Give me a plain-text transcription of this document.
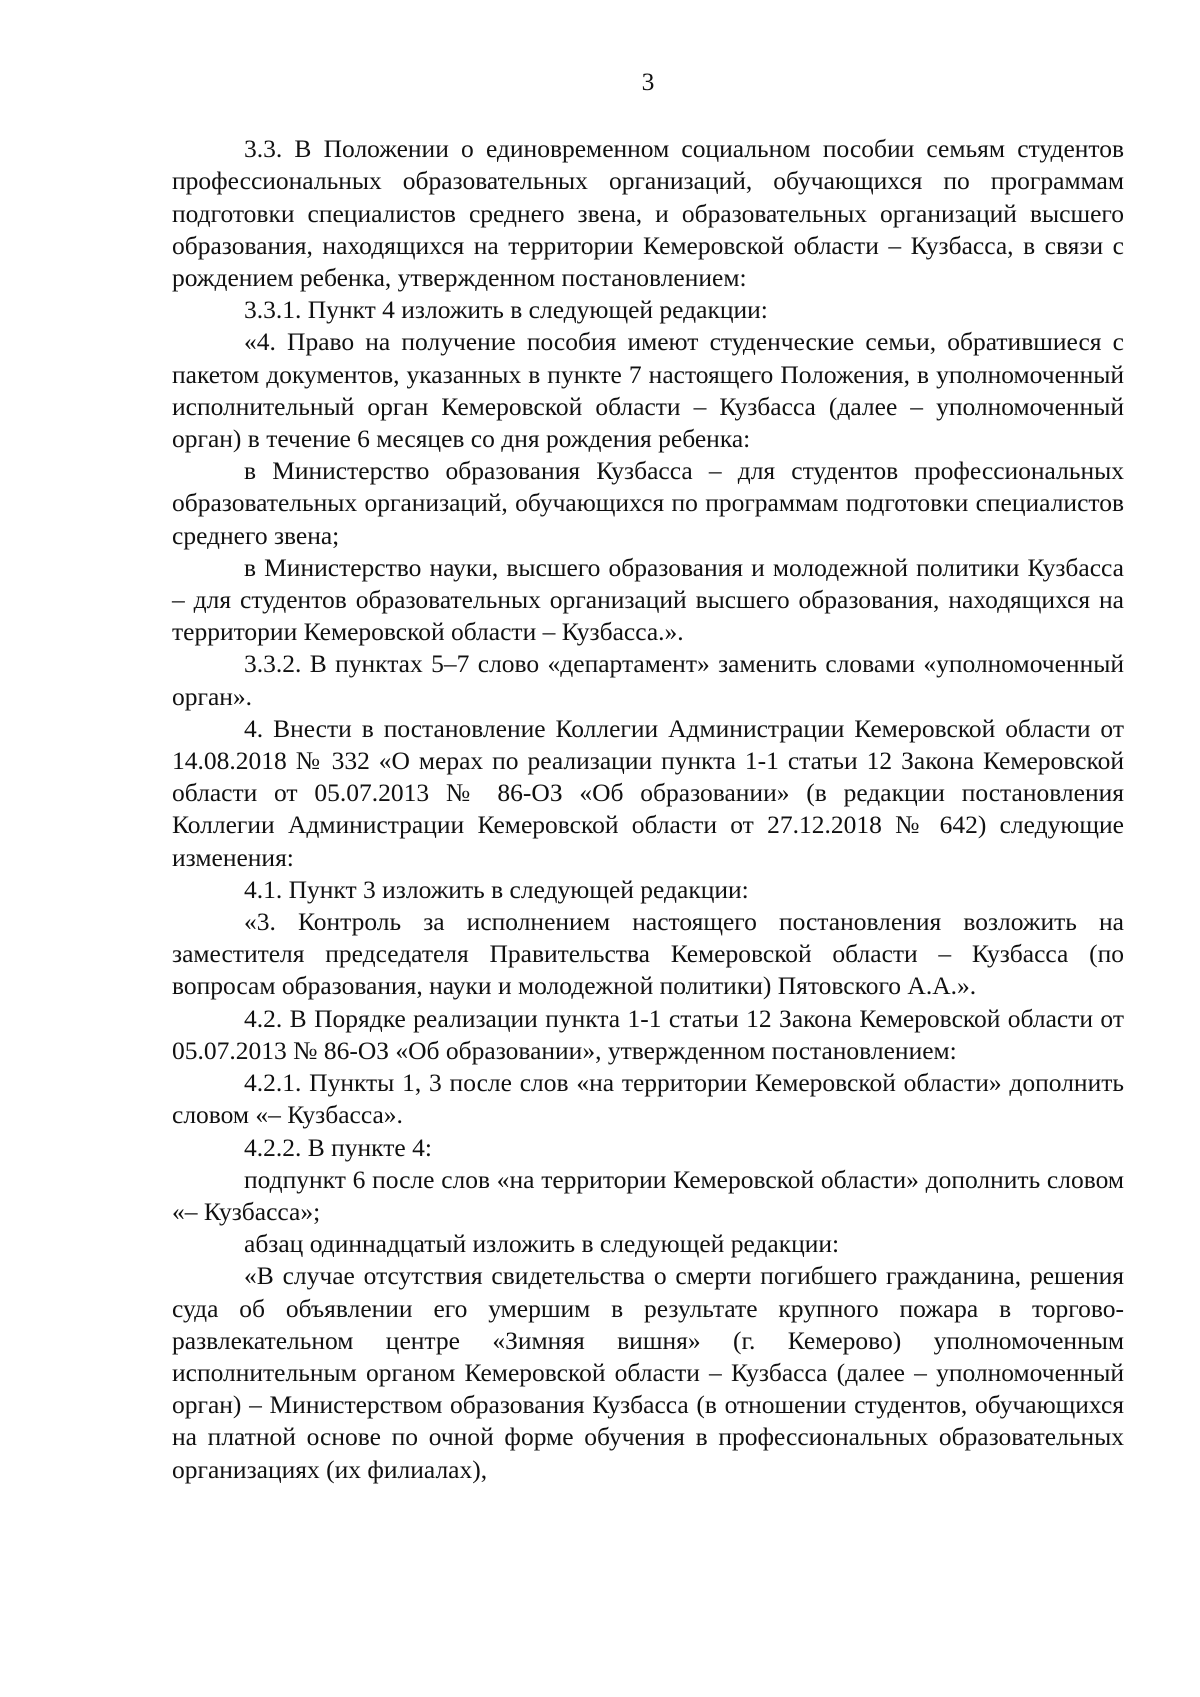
3

3.3. В Положении о единовременном социальном пособии семьям студентов профессиональных образовательных организаций, обучающихся по программам подготовки специалистов среднего звена, и образовательных организаций высшего образования, находящихся на территории Кемеровской области – Кузбасса, в связи с рождением ребенка, утвержденном постановлением:

3.3.1. Пункт 4 изложить в следующей редакции:

«4. Право на получение пособия имеют студенческие семьи, обратившиеся с пакетом документов, указанных в пункте 7 настоящего Положения, в уполномоченный исполнительный орган Кемеровской области – Кузбасса (далее – уполномоченный орган) в течение 6 месяцев со дня рождения ребенка:

в Министерство образования Кузбасса – для студентов профессиональных образовательных организаций, обучающихся по программам подготовки специалистов среднего звена;

в Министерство науки, высшего образования и молодежной политики Кузбасса – для студентов образовательных организаций высшего образования, находящихся на территории Кемеровской области – Кузбасса.».

3.3.2. В пунктах 5–7 слово «департамент» заменить словами «уполномоченный орган».

4. Внести в постановление Коллегии Администрации Кемеровской области от 14.08.2018 № 332 «О мерах по реализации пункта 1-1 статьи 12 Закона Кемеровской области от 05.07.2013 № 86-ОЗ «Об образовании» (в редакции постановления Коллегии Администрации Кемеровской области от 27.12.2018 № 642) следующие изменения:

4.1. Пункт 3 изложить в следующей редакции:

«3. Контроль за исполнением настоящего постановления возложить на заместителя председателя Правительства Кемеровской области – Кузбасса (по вопросам образования, науки и молодежной политики) Пятовского А.А.».

4.2. В Порядке реализации пункта 1-1 статьи 12 Закона Кемеровской области от 05.07.2013 № 86-ОЗ «Об образовании», утвержденном постановлением:

4.2.1. Пункты 1, 3 после слов «на территории Кемеровской области» дополнить словом «– Кузбасса».

4.2.2. В пункте 4:

подпункт 6 после слов «на территории Кемеровской области» дополнить словом «– Кузбасса»;

абзац одиннадцатый изложить в следующей редакции:

«В случае отсутствия свидетельства о смерти погибшего гражданина, решения суда об объявлении его умершим в результате крупного пожара в торгово-развлекательном центре «Зимняя вишня» (г. Кемерово) уполномоченным исполнительным органом Кемеровской области – Кузбасса (далее – уполномоченный орган) – Министерством образования Кузбасса (в отношении студентов, обучающихся на платной основе по очной форме обучения в профессиональных образовательных организациях (их филиалах),
